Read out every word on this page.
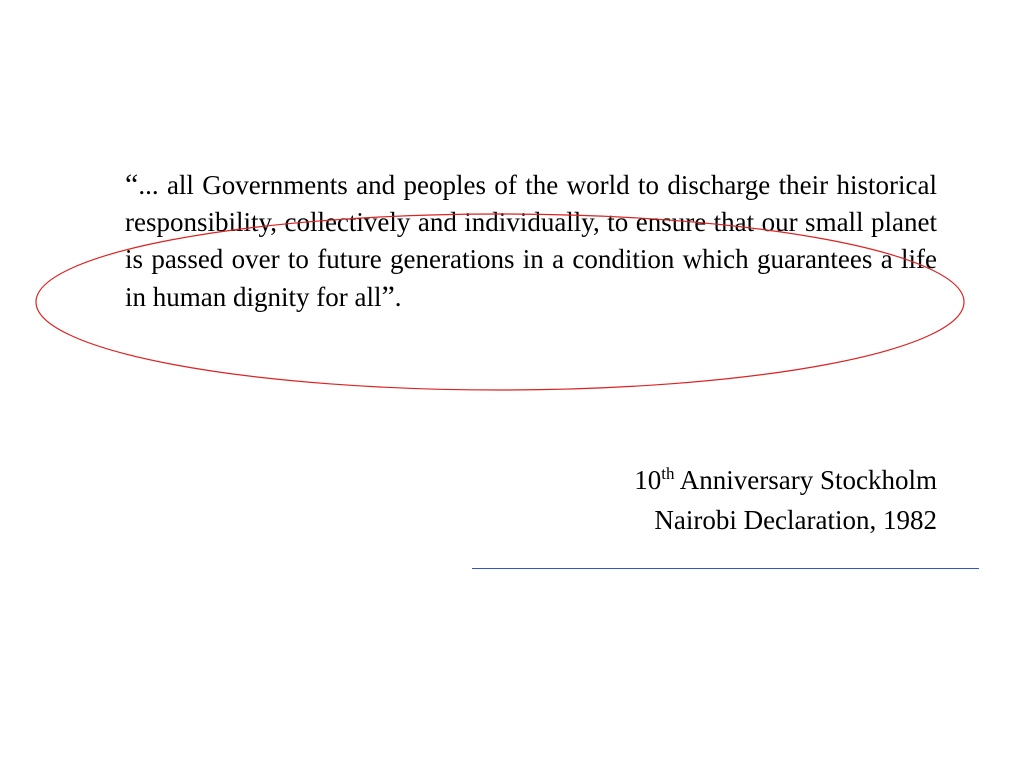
“... all Governments and peoples of the world to discharge their historical responsibility, collectively and individually, to ensure that our small planet is passed over to future generations in a condition which guarantees a life in human dignity for all”.

10th Anniversary Stockholm
Nairobi Declaration, 1982
